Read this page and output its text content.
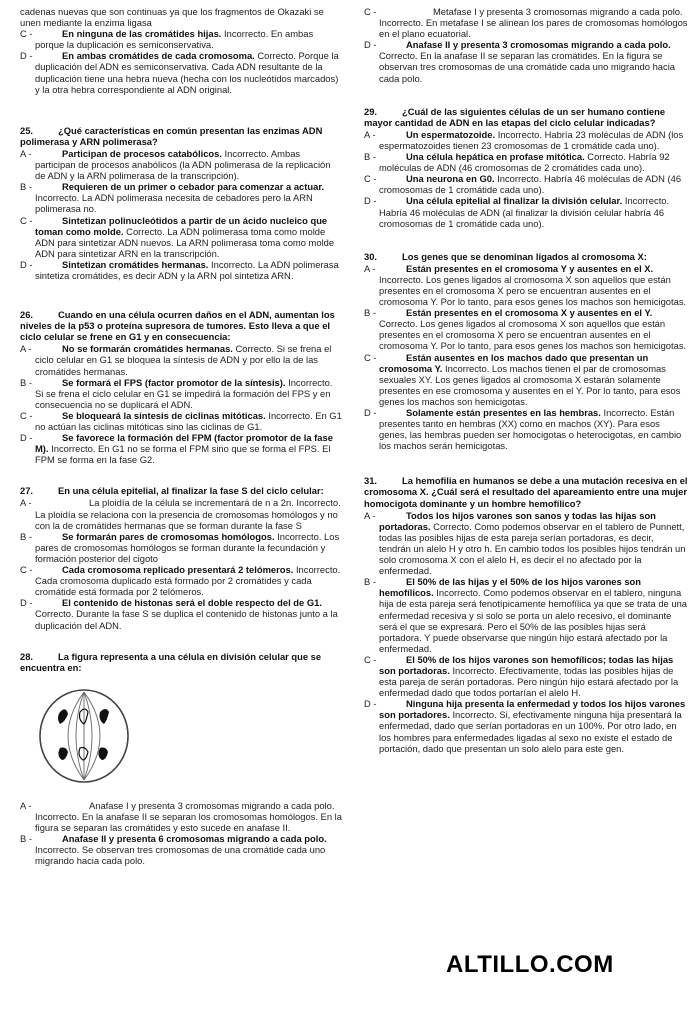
cadenas nuevas que son continuas ya que los fragmentos de Okazaki se unen mediante la enzima ligasa

C -	En ninguna de las cromátides hijas. Incorrecto. En ambas porque la duplicación es semiconservativa.
D -	En ambas cromátides de cada cromosoma. Correcto. Porque la duplicación del ADN es semiconservativa. Cada ADN resultante de la duplicación tiene una hebra nueva (hecha con los nucleótidos marcados) y la otra hebra correspondiente al ADN original.

25.	¿Qué características en común presentan las enzimas ADN polimerasa y ARN polimerasa?

A -	Participan de procesos catabólicos. Incorrecto. Ambas participan de procesos anabólicos (la ADN polimerasa de la replicación de ADN y la ARN polimerasa de la transcripción).
B -	Requieren de un primer o cebador para comenzar a actuar. Incorrecto. La ADN polimerasa necesita de cebadores pero la ARN polimerasa no.
C -	Sintetizan polinucleótidos a partir de un ácido nucleico que toman como molde. Correcto. La ADN polimerasa toma como molde ADN para sintetizar ADN nuevos. La ARN polimerasa toma como molde ADN para sintetizar ARN en la transcripción.
D -	Sintetizan cromátides hermanas. Incorrecto. La ADN polimerasa sintetiza cromátides, es decir ADN y la ARN pol sintetiza ARN.

26.	Cuando en una célula ocurren daños en el ADN, aumentan los niveles de la p53 o proteína supresora de tumores. Esto lleva a que el ciclo celular se frene en G1 y en consecuencia:

A -	No se formarán cromátides hermanas. Correcto. Si se frena el ciclo celular en G1 se bloquea la síntesis de ADN y por ello la de las cromátides hermanas.
B -	Se formará el FPS (factor promotor de la síntesis). Incorrecto. Si se frena el ciclo celular en G1 se impedirá la formación del FPS y en consecuencia no se duplicará el ADN.
C -	Se bloqueará la síntesis de ciclinas mitóticas. Incorrecto. En G1 no actúan las ciclinas mitóticas sino las ciclinas de G1.
D -	Se favorece la formación del FPM (factor promotor de la fase M). Incorrecto. En G1 no se forma el FPM sino que se forma el FPS. El FPM se forma en la fase G2.

27.	En una célula epitelial, al finalizar la fase S del ciclo celular:

A -	La ploidía de la célula se incrementará de n a 2n. Incorrecto. La ploidía se relaciona con la presencia de cromosomas homólogos y no con la de cromátides hermanas que se forman durante la fase S
B -	Se formarán pares de cromosomas homólogos. Incorrecto. Los pares de cromosomas homólogos se forman durante la fecundación y formación posterior del cigoto
C -	Cada cromosoma replicado presentará 2 telómeros. Incorrecto. Cada cromosoma duplicado está formado por 2 cromátides y cada cromátide está formada por 2 telómeros.
D -	El contenido de histonas será el doble respecto del de G1. Correcto. Durante la fase S se duplica el contenido de histonas junto a la duplicación del ADN.

28.	La figura representa a una célula en división celular que se encuentra en:

A -	Anafase I y presenta 3 cromosomas migrando a cada polo. Incorrecto. En la anafase II se separan los cromosomas homólogos. En la figura se separan las cromátides y esto sucede en anafase II.
B -	Anafase II y presenta 6 cromosomas migrando a cada polo. Incorrecto. Se observan tres cromosomas de una cromátide cada uno migrando hacia cada polo.
C -	Metafase I y presenta 3 cromosomas migrando a cada polo. Incorrecto. En metafase I se alinean los pares de cromosomas homólogos en el plano ecuatorial.
D -	Anafase II y presenta 3 cromosomas migrando a cada polo. Correcto. En la anafase II se separan las cromátides. En la figura se observan tres cromosomas de una cromátide cada uno migrando hacia cada polo.

29.	¿Cuál de las siguientes células de un ser humano contiene mayor cantidad de ADN en las etapas del ciclo celular indicadas?

A -	Un espermatozoide. Incorrecto. Habría 23 moléculas de ADN (los espermatozoides tienen 23 cromosomas de 1 cromátide cada uno).
B -	Una célula hepática en profase mitótica. Correcto. Habría 92 moléculas de ADN (46 cromosomas de 2 cromátides cada uno).
C -	Una neurona en G0. Incorrecto. Habría 46 moléculas de ADN (46 cromosomas de 1 cromátide cada uno).
D -	Una célula epitelial al finalizar la división celular. Incorrecto. Habría 46 moléculas de ADN (al finalizar la división celular habría 46 cromosomas de 1 cromátide cada uno).

30.	Los genes que se denominan ligados al cromosoma X:

A -	Están presentes en el cromosoma Y y ausentes en el X. Incorrecto. Los genes ligados al cromosoma X son aquellos que están presentes en el cromosoma X pero se encuentran ausentes en el cromosoma Y. Por lo tanto, para esos genes los machos son hemicigotas.
B -	Están presentes en el cromosoma X y ausentes en el Y. Correcto. Los genes ligados al cromosoma X son aquellos que están presentes en el cromosoma X pero se encuentran ausentes en el cromosoma Y. Por lo tanto, para esos genes los machos son hemicigotas.
C -	Están ausentes en los machos dado que presentan un cromosoma Y. Incorrecto. Los machos tienen el par de cromosomas sexuales XY. Los genes ligados al cromosoma X estarán solamente presentes en ese cromosoma y ausentes en el Y. Por lo tanto, para esos genes los machos son hemicigotas.
D -	Solamente están presentes en las hembras. Incorrecto. Están presentes tanto en hembras (XX) como en machos (XY). Para esos genes, las hembras pueden ser homocigotas o heterocigotas, en cambio los machos serán hemicigotas.

31.	La hemofilia en humanos se debe a una mutación recesiva en el cromosoma X. ¿Cuál será el resultado del apareamiento entre una mujer homocigota dominante y un hombre hemofílico?

A -	Todos los hijos varones son sanos y todas las hijas son portadoras. Correcto. Como podemos observar en el tablero de Punnett, todas las posibles hijas de esta pareja serían portadoras, es decir, tendrán un alelo H y otro h. En cambio todos los posibles hijos tendrán un solo cromosoma X con el alelo H, es decir el no afectado por la enfermedad.
B -	El 50% de las hijas y el 50% de los hijos varones son hemofílicos. Incorrecto. Como podemos observar en el tablero, ninguna hija de esta pareja será fenotípicamente hemofílica ya que se trata de una enfermedad recesiva y si solo se porta un alelo recesivo, el dominante será el que se expresará. Pero el 50% de las posibles hijas será portadora. Y puede observarse que ningún hijo estará afectado por la enfermedad.
C -	El 50% de los hijos varones son hemofílicos; todas las hijas son portadoras. Incorrecto. Efectivamente, todas las posibles hijas de esta pareja de serán portadoras. Pero ningún hijo estará afectado por la enfermedad dado que todos portarían el alelo H.
D -	Ninguna hija presenta la enfermedad y todos los hijos varones son portadores. Incorrecto. Si, efectivamente ninguna hija presentará la enfermedad, dado que serían portadoras en un 100%. Por otro lado, en los hombres para enfermedades ligadas al sexo no existe el estado de portación, dado que presentan un solo alelo para este gen.
ALTILLO.COM
